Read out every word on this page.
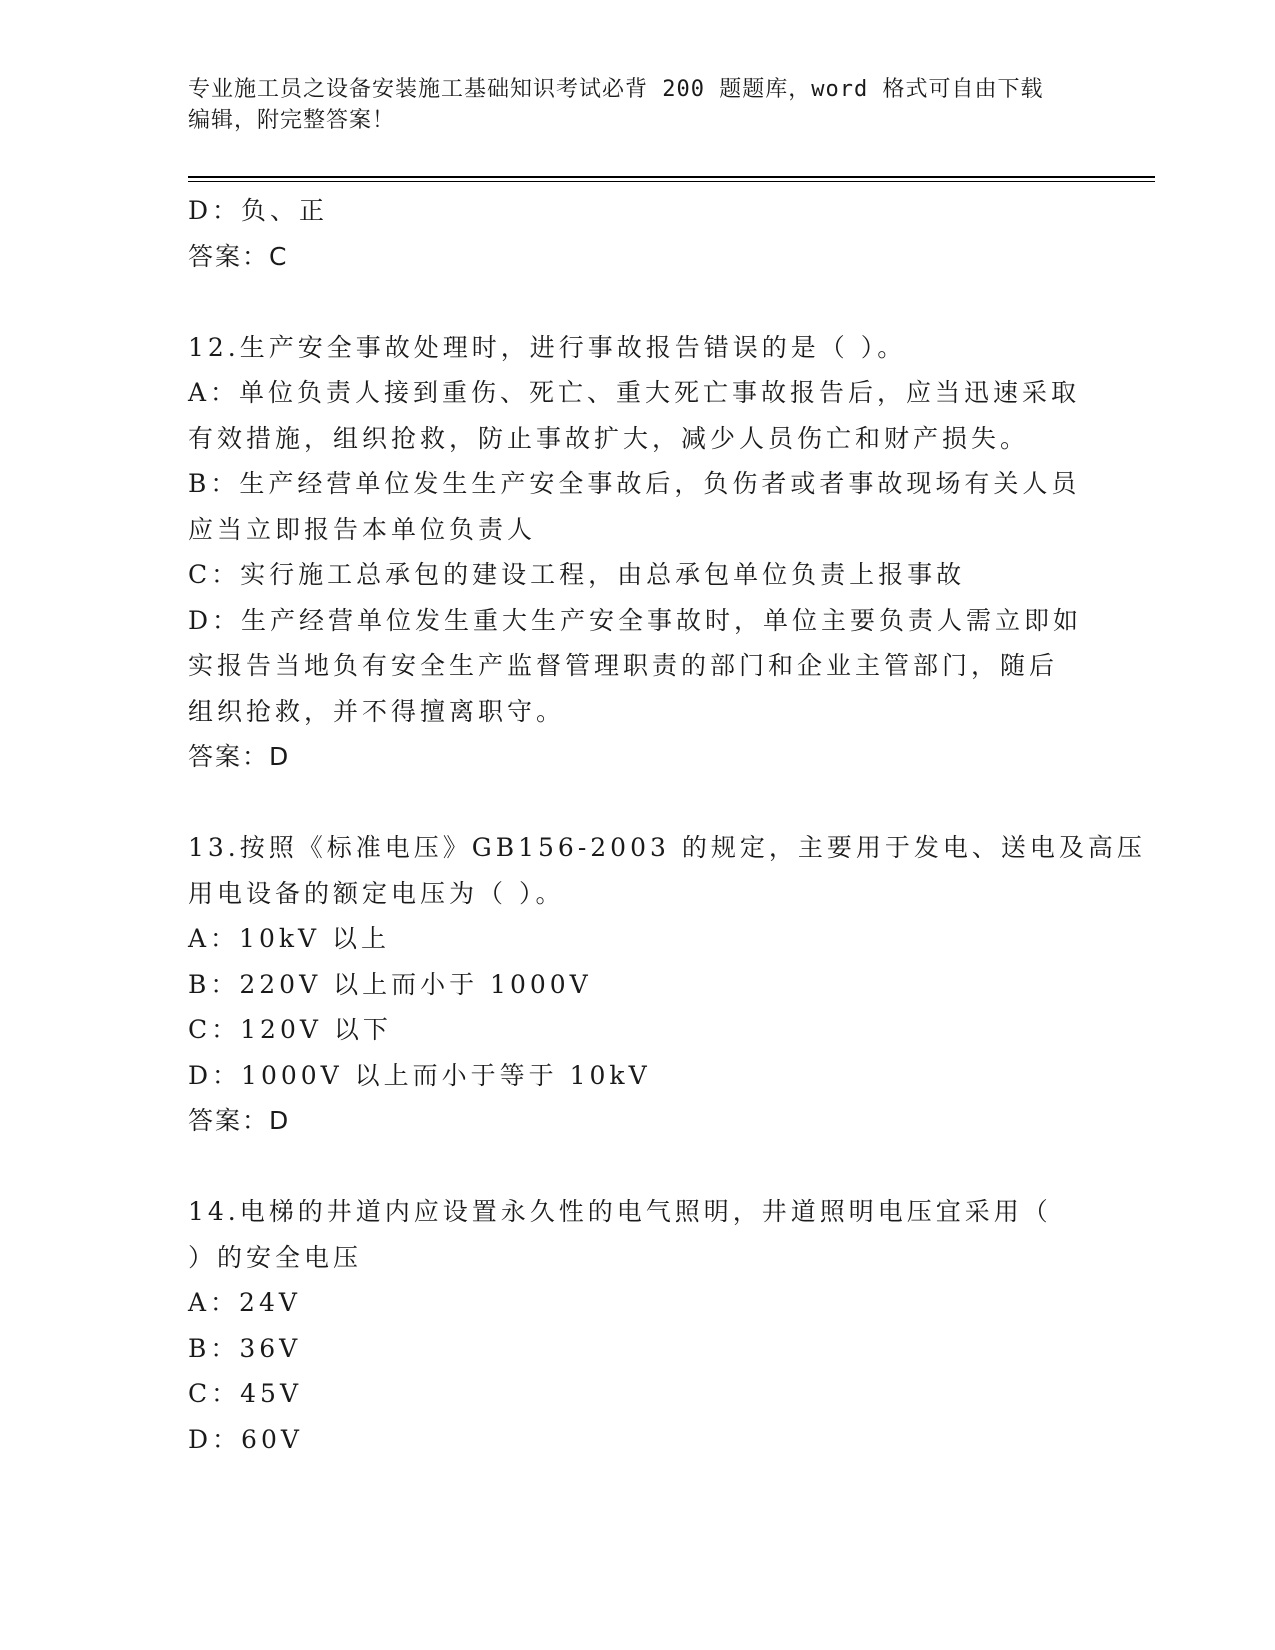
专业施工员之设备安装施工基础知识考试必背 200 题题库，word 格式可自由下载
编辑，附完整答案！
D：负、正
答案：C
12.生产安全事故处理时，进行事故报告错误的是（ ）。
A：单位负责人接到重伤、死亡、重大死亡事故报告后，应当迅速采取
有效措施，组织抢救，防止事故扩大，减少人员伤亡和财产损失。
B：生产经营单位发生生产安全事故后，负伤者或者事故现场有关人员
应当立即报告本单位负责人
C：实行施工总承包的建设工程，由总承包单位负责上报事故
D：生产经营单位发生重大生产安全事故时，单位主要负责人需立即如
实报告当地负有安全生产监督管理职责的部门和企业主管部门，随后
组织抢救，并不得擅离职守。
答案：D
13.按照《标准电压》GB156-2003 的规定，主要用于发电、送电及高压
用电设备的额定电压为（ ）。
A：10kV 以上
B：220V 以上而小于 1000V
C：120V 以下
D：1000V 以上而小于等于 10kV
答案：D
14.电梯的井道内应设置永久性的电气照明，井道照明电压宜采用（
）的安全电压
A：24V
B：36V
C：45V
D：60V
